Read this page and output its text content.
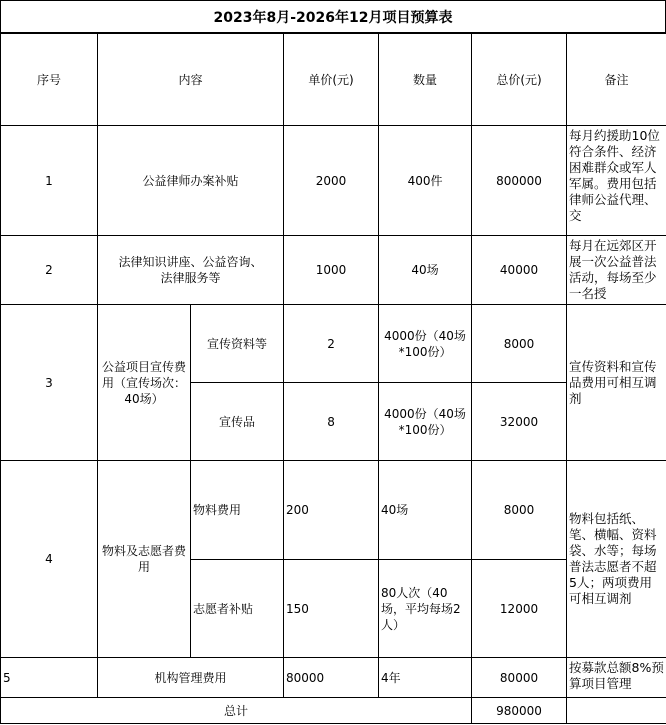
2023年8月-2026年12月项目预算表
序号	内容		单价(元)	数量	总价(元)	备注
1	公益律师办案补贴		2000	400件	800000	每月约援助10位符合条件、经济困难群众或军人军属。费用包括律师公益代理、交

2	法律知识讲座、公益咨询、法律服务等		1000	40场	40000	每月在远郊区开展一次公益普法活动，每场至少一名授

3	公益项目宣传费用（宣传场次：40场）	宣传资料等	2	4000份（40场*100份）	8000	宣传资料和宣传品费用可相互调剂
		宣传品	8	4000份（40场*100份）	32000	
4	物料及志愿者费用	物料费用	200	40场	8000	物料包括纸、笔、横幅、资料袋、水等；每场普法志愿者不超5人；两项费用可相互调剂
		志愿者补贴	150	80人次（40场，平均每场2人）	12000	
5	机构管理费用		80000	4年	80000	按募款总额8%预算项目管理

总计					980000	
